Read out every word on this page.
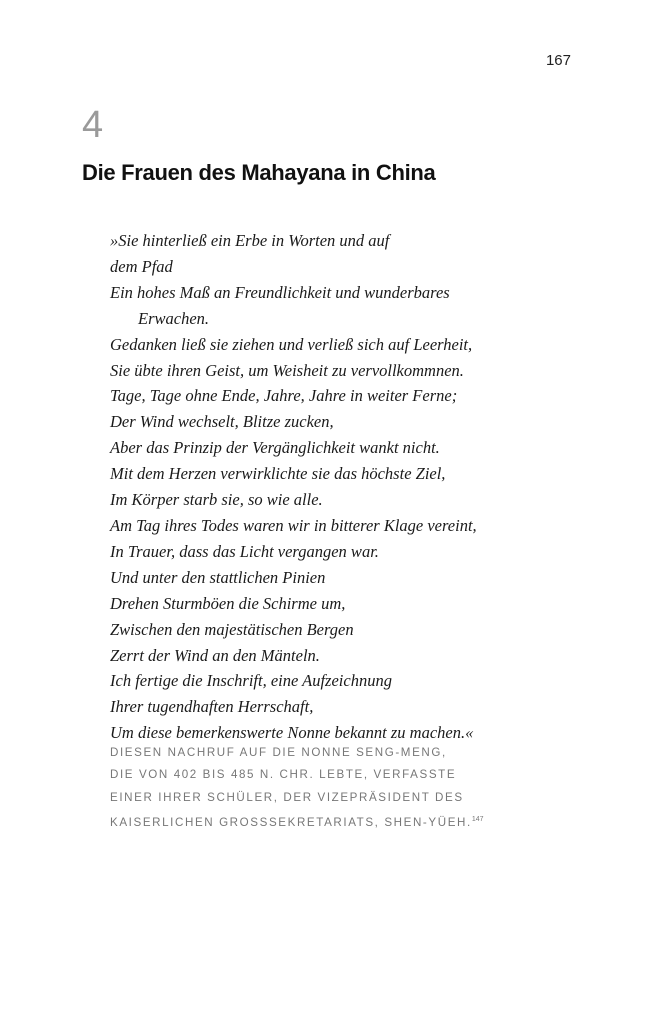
167
4
Die Frauen des Mahayana in China
»Sie hinterließ ein Erbe in Worten und auf
dem Pfad
Ein hohes Maß an Freundlichkeit und wunderbares
Erwachen.
Gedanken ließ sie ziehen und verließ sich auf Leerheit,
Sie übte ihren Geist, um Weisheit zu vervollkommnen.
Tage, Tage ohne Ende, Jahre, Jahre in weiter Ferne;
Der Wind wechselt, Blitze zucken,
Aber das Prinzip der Vergänglichkeit wankt nicht.
Mit dem Herzen verwirklichte sie das höchste Ziel,
Im Körper starb sie, so wie alle.
Am Tag ihres Todes waren wir in bitterer Klage vereint,
In Trauer, dass das Licht vergangen war.
Und unter den stattlichen Pinien
Drehen Sturmböen die Schirme um,
Zwischen den majestätischen Bergen
Zerrt der Wind an den Mänteln.
Ich fertige die Inschrift, eine Aufzeichnung
Ihrer tugendhaften Herrschaft,
Um diese bemerkenswerte Nonne bekannt zu machen.«
DIESEN NACHRUF AUF DIE NONNE SENG-MENG,
DIE VON 402 BIS 485 N. CHR. LEBTE, VERFASSTE
EINER IHRER SCHÜLER, DER VIZEPRÄSIDENT DES
KAISERLICHEN GROSSSEKRETARIATS, SHEN-YÜEH.$^{147}$
